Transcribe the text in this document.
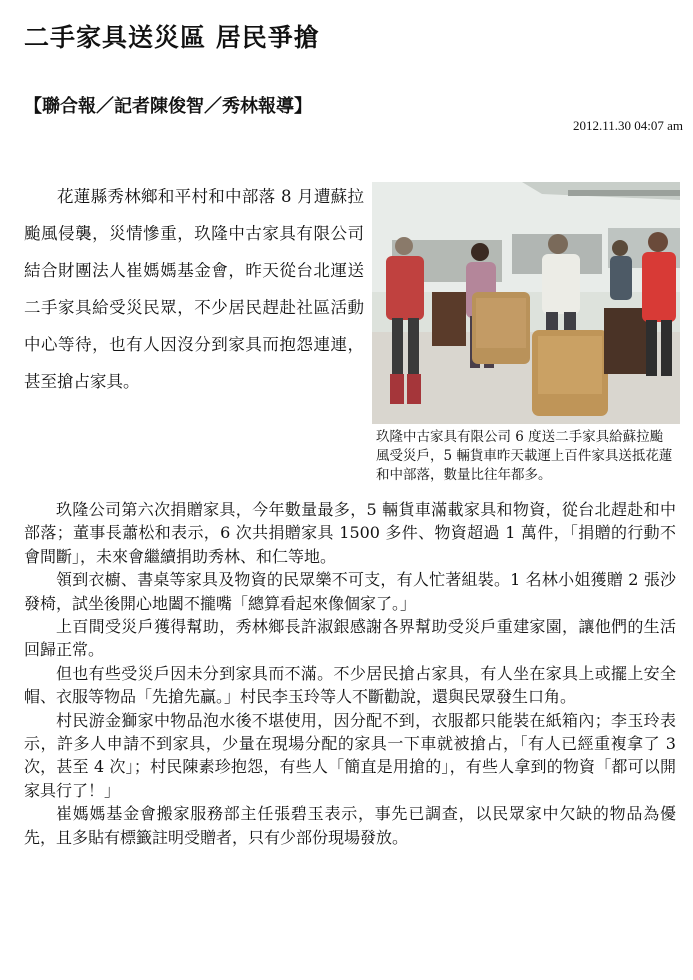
二手家具送災區 居民爭搶
【聯合報／記者陳俊智／秀林報導】
2012.11.30 04:07 am

花蓮縣秀林鄉和平村和中部落 8 月遭蘇拉颱風侵襲，災情慘重，玖隆中古家具有限公司結合財團法人崔媽媽基金會，昨天從台北運送二手家具給受災民眾，不少居民趕赴社區活動中心等待，也有人因沒分到家具而抱怨連連，甚至搶占家具。

玖隆中古家具有限公司 6 度送二手家具給蘇拉颱風受災戶，5 輛貨車昨天載運上百件家具送抵花蓮和中部落，數量比往年都多。

玖隆公司第六次捐贈家具，今年數量最多，5 輛貨車滿載家具和物資，從台北趕赴和中部落；董事長蕭松和表示，6 次共捐贈家具 1500 多件、物資超過 1 萬件，「捐贈的行動不會間斷」，未來會繼續捐助秀林、和仁等地。

領到衣櫥、書桌等家具及物資的民眾樂不可支，有人忙著組裝。1 名林小姐獲贈 2 張沙發椅，試坐後開心地闔不攏嘴「總算看起來像個家了。」

上百間受災戶獲得幫助，秀林鄉長許淑銀感謝各界幫助受災戶重建家園，讓他們的生活回歸正常。

但也有些受災戶因未分到家具而不滿。不少居民搶占家具，有人坐在家具上或擺上安全帽、衣服等物品「先搶先贏。」村民李玉玲等人不斷勸說，還與民眾發生口角。

村民游金獅家中物品泡水後不堪使用，因分配不到，衣服都只能裝在紙箱內；李玉玲表示，許多人申請不到家具，少量在現場分配的家具一下車就被搶占，「有人已經重複拿了 3 次，甚至 4 次」；村民陳素珍抱怨，有些人「簡直是用搶的」，有些人拿到的物資「都可以開家具行了！」

崔媽媽基金會搬家服務部主任張碧玉表示，事先已調查，以民眾家中欠缺的物品為優先，且多貼有標籤註明受贈者，只有少部份現場發放。
